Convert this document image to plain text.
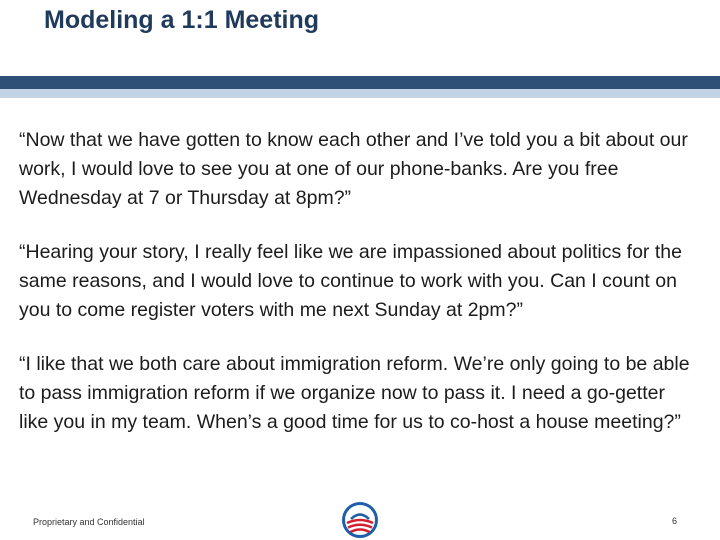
Modeling a 1:1 Meeting

“Now that we have gotten to know each other and I’ve told you a bit about our work, I would love to see you at one of our phone-banks. Are you free Wednesday at 7 or Thursday at 8pm?”

“Hearing your story, I really feel like we are impassioned about politics for the same reasons, and I would love to continue to work with you. Can I count on you to come register voters with me next Sunday at 2pm?”

“I like that we both care about immigration reform. We’re only going to be able to pass immigration reform if we organize now to pass it. I need a go-getter like you in my team. When’s a good time for us to co-host a house meeting?”

Proprietary and Confidential	6
